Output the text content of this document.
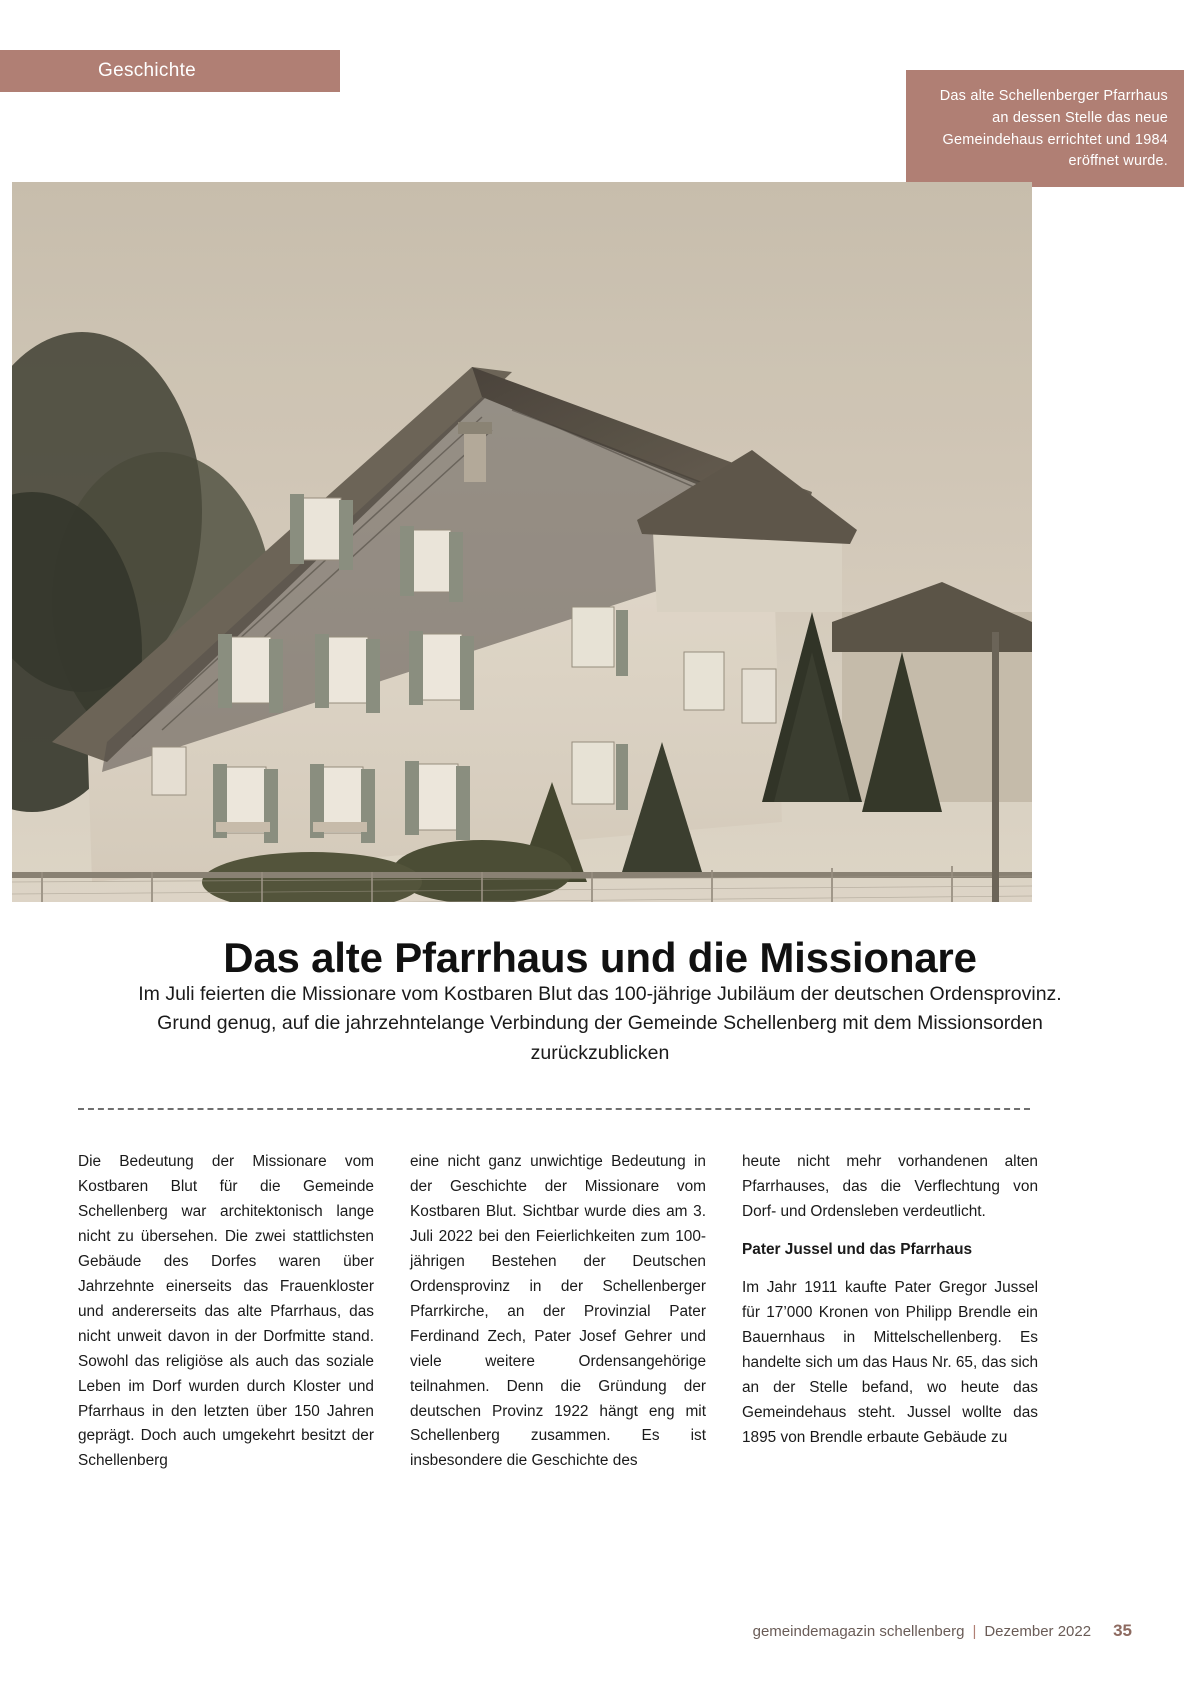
Geschichte
Das alte Schellenberger Pfarrhaus an dessen Stelle das neue Gemeindehaus errichtet und 1984 eröffnet wurde.
Das alte Pfarrhaus und die Missionare
Im Juli feierten die Missionare vom Kostbaren Blut das 100-jährige Jubiläum der deutschen Ordensprovinz. Grund genug, auf die jahrzehntelange Verbindung der Gemeinde Schellenberg mit dem Missionsorden zurückzublicken

Die Bedeutung der Missionare vom Kostbaren Blut für die Gemeinde Schellenberg war architektonisch lange nicht zu übersehen. Die zwei stattlichsten Gebäude des Dorfes waren über Jahrzehnte einerseits das Frauenkloster und andererseits das alte Pfarrhaus, das nicht unweit davon in der Dorfmitte stand. Sowohl das religiöse als auch das soziale Leben im Dorf wurden durch Kloster und Pfarrhaus in den letzten über 150 Jahren geprägt. Doch auch umgekehrt besitzt der Schellenberg

eine nicht ganz unwichtige Bedeutung in der Geschichte der Missionare vom Kostbaren Blut. Sichtbar wurde dies am 3. Juli 2022 bei den Feierlichkeiten zum 100-jährigen Bestehen der Deutschen Ordensprovinz in der Schellenberger Pfarrkirche, an der Provinzial Pater Ferdinand Zech, Pater Josef Gehrer und viele weitere Ordensangehörige teilnahmen. Denn die Gründung der deutschen Provinz 1922 hängt eng mit Schellenberg zusammen. Es ist insbesondere die Geschichte des

heute nicht mehr vorhandenen alten Pfarrhauses, das die Verflechtung von Dorf- und Ordensleben verdeutlicht.

Pater Jussel und das Pfarrhaus

Im Jahr 1911 kaufte Pater Gregor Jussel für 17’000 Kronen von Philipp Brendle ein Bauernhaus in Mittelschellenberg. Es handelte sich um das Haus Nr. 65, das sich an der Stelle befand, wo heute das Gemeindehaus steht. Jussel wollte das 1895 von Brendle erbaute Gebäude zu

gemeindemagazin schellenberg | Dezember 2022 35
